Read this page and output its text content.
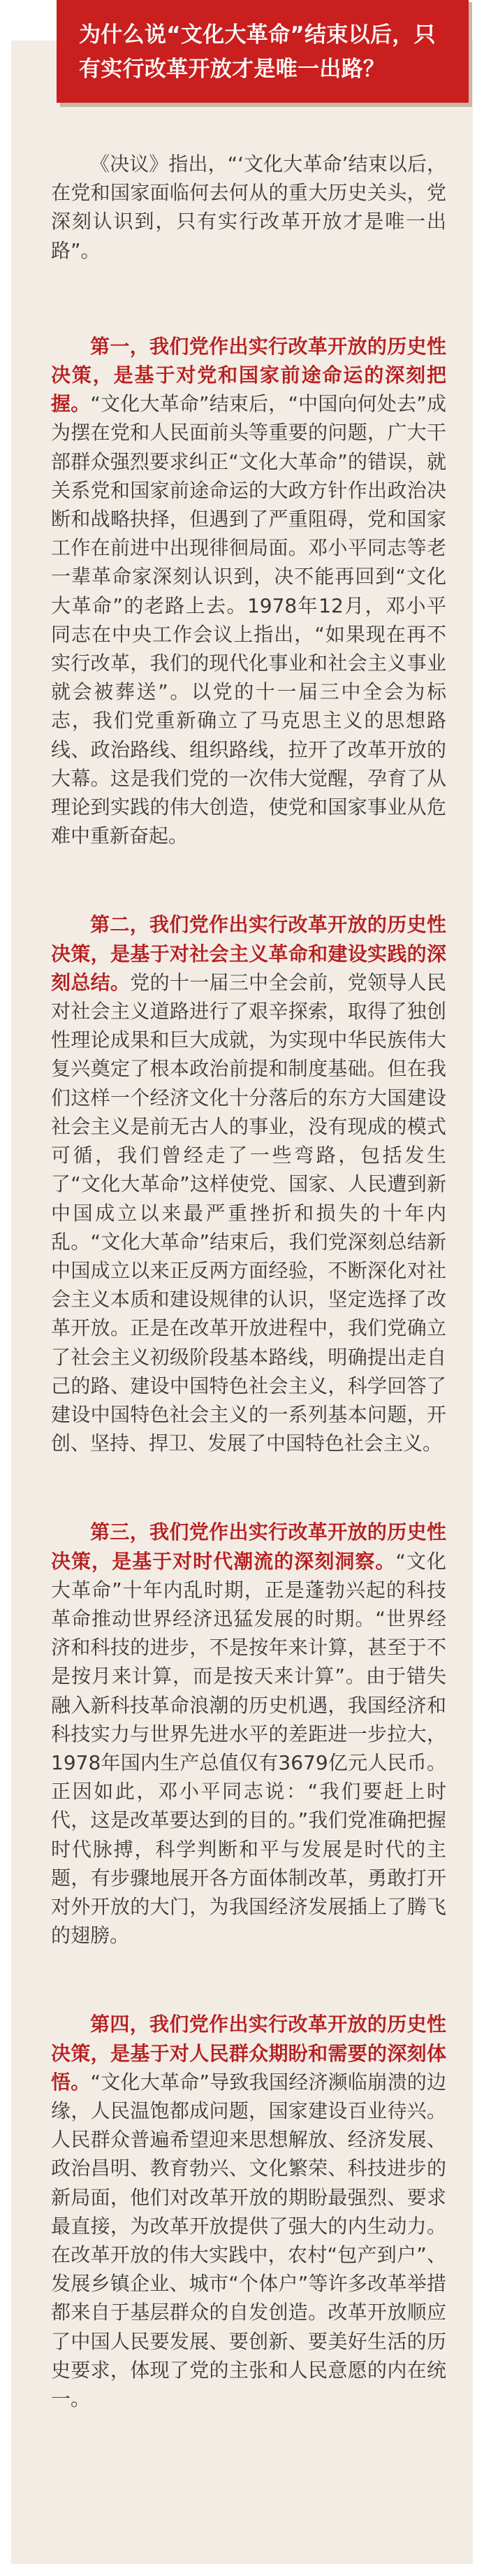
为什么说“文化大革命”结束以后，只有实行改革开放才是唯一出路？

《决议》指出，“‘文化大革命’结束以后，在党和国家面临何去何从的重大历史关头，党深刻认识到，只有实行改革开放才是唯一出路”。

第一，我们党作出实行改革开放的历史性决策，是基于对党和国家前途命运的深刻把握。“文化大革命”结束后，“中国向何处去”成为摆在党和人民面前头等重要的问题，广大干部群众强烈要求纠正“文化大革命”的错误，就关系党和国家前途命运的大政方针作出政治决断和战略抉择，但遇到了严重阻碍，党和国家工作在前进中出现徘徊局面。邓小平同志等老一辈革命家深刻认识到，决不能再回到“文化大革命”的老路上去。1978年12月，邓小平同志在中央工作会议上指出，“如果现在再不实行改革，我们的现代化事业和社会主义事业就会被葬送”。以党的十一届三中全会为标志，我们党重新确立了马克思主义的思想路线、政治路线、组织路线，拉开了改革开放的大幕。这是我们党的一次伟大觉醒，孕育了从理论到实践的伟大创造，使党和国家事业从危难中重新奋起。

第二，我们党作出实行改革开放的历史性决策，是基于对社会主义革命和建设实践的深刻总结。党的十一届三中全会前，党领导人民对社会主义道路进行了艰辛探索，取得了独创性理论成果和巨大成就，为实现中华民族伟大复兴奠定了根本政治前提和制度基础。但在我们这样一个经济文化十分落后的东方大国建设社会主义是前无古人的事业，没有现成的模式可循，我们曾经走了一些弯路，包括发生了“文化大革命”这样使党、国家、人民遭到新中国成立以来最严重挫折和损失的十年内乱。“文化大革命”结束后，我们党深刻总结新中国成立以来正反两方面经验，不断深化对社会主义本质和建设规律的认识，坚定选择了改革开放。正是在改革开放进程中，我们党确立了社会主义初级阶段基本路线，明确提出走自己的路、建设中国特色社会主义，科学回答了建设中国特色社会主义的一系列基本问题，开创、坚持、捍卫、发展了中国特色社会主义。

第三，我们党作出实行改革开放的历史性决策，是基于对时代潮流的深刻洞察。“文化大革命”十年内乱时期，正是蓬勃兴起的科技革命推动世界经济迅猛发展的时期。“世界经济和科技的进步，不是按年来计算，甚至于不是按月来计算，而是按天来计算”。由于错失融入新科技革命浪潮的历史机遇，我国经济和科技实力与世界先进水平的差距进一步拉大，1978年国内生产总值仅有3679亿元人民币。正因如此，邓小平同志说：“我们要赶上时代，这是改革要达到的目的。”我们党准确把握时代脉搏，科学判断和平与发展是时代的主题，有步骤地展开各方面体制改革，勇敢打开对外开放的大门，为我国经济发展插上了腾飞的翅膀。

第四，我们党作出实行改革开放的历史性决策，是基于对人民群众期盼和需要的深刻体悟。“文化大革命”导致我国经济濒临崩溃的边缘，人民温饱都成问题，国家建设百业待兴。人民群众普遍希望迎来思想解放、经济发展、政治昌明、教育勃兴、文化繁荣、科技进步的新局面，他们对改革开放的期盼最强烈、要求最直接，为改革开放提供了强大的内生动力。在改革开放的伟大实践中，农村“包产到户”、发展乡镇企业、城市“个体户”等许多改革举措都来自于基层群众的自发创造。改革开放顺应了中国人民要发展、要创新、要美好生活的历史要求，体现了党的主张和人民意愿的内在统一。
